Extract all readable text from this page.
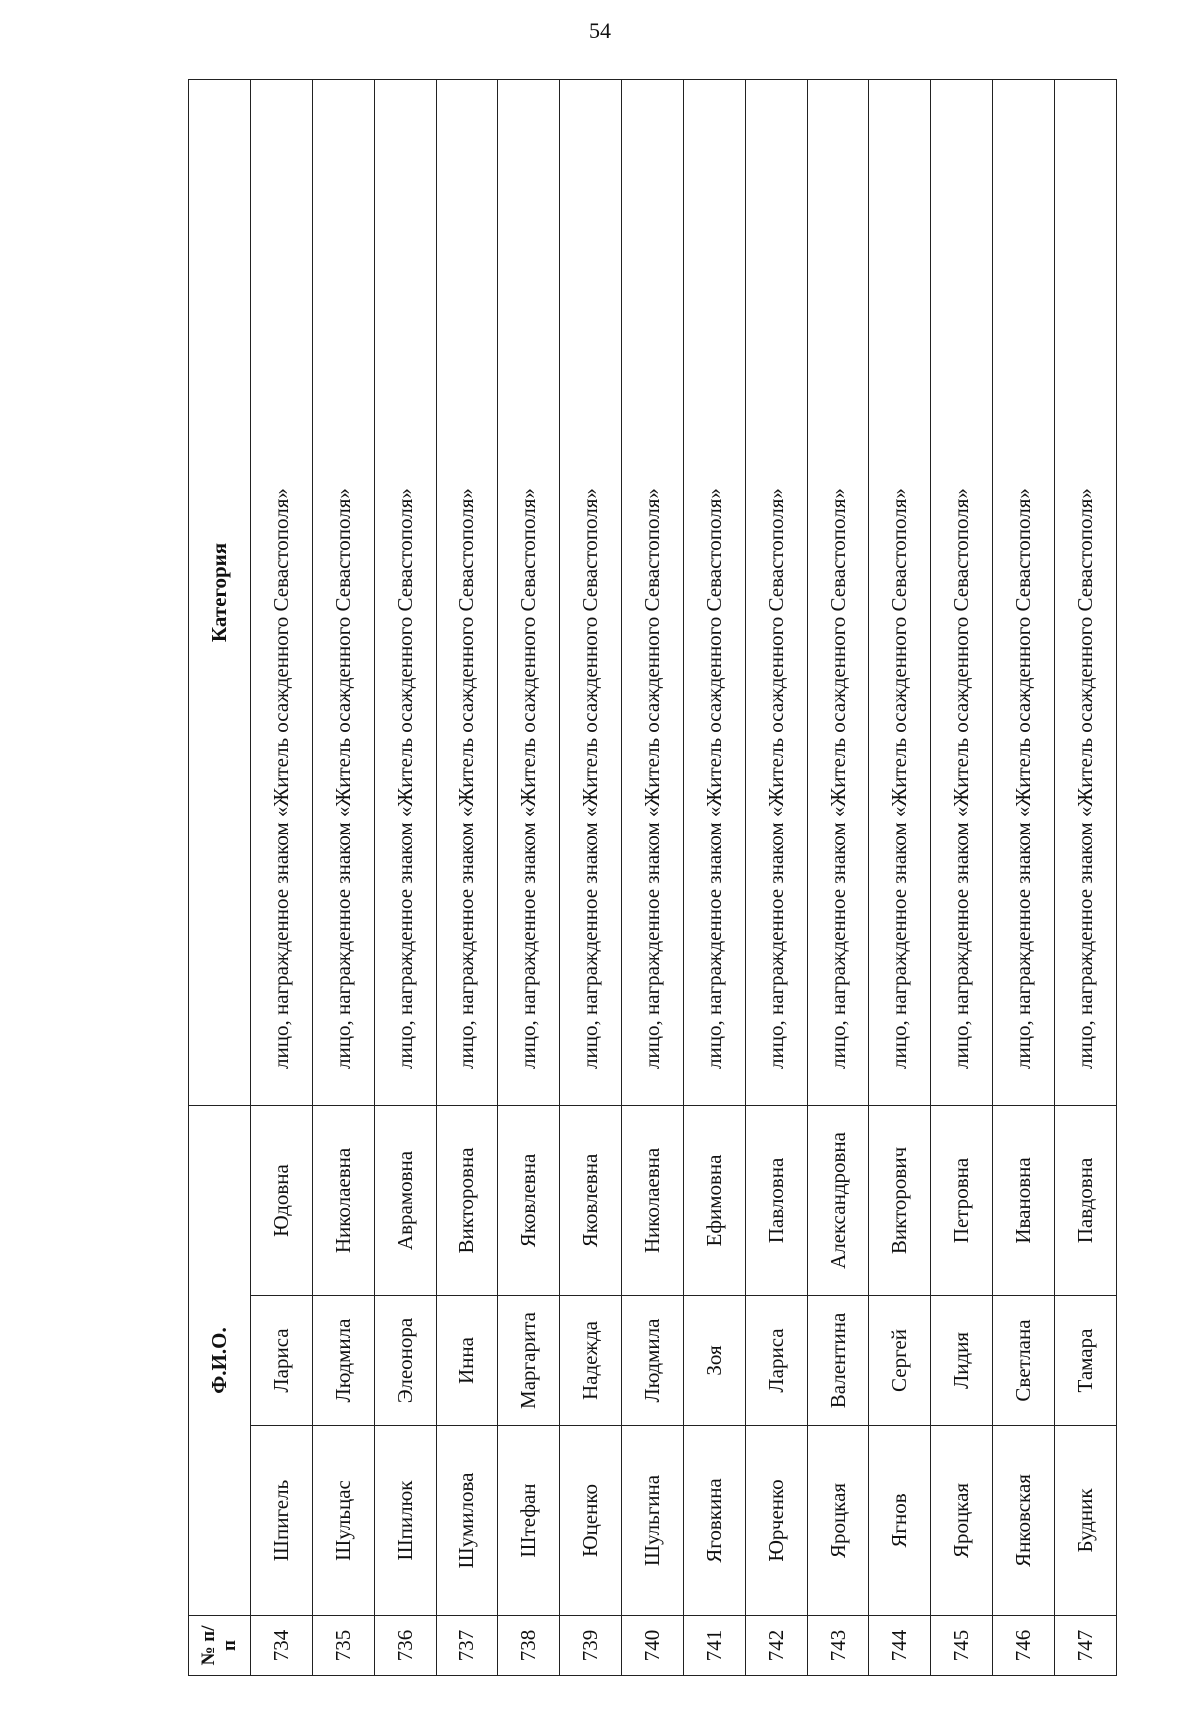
54
№ п/п	Ф.И.О.			Категория
734	Шпигель	Лариса	Юдовна	лицо, награжденное знаком «Житель осажденного Севастополя»
735	Шульцас	Людмила	Николаевна	лицо, награжденное знаком «Житель осажденного Севастополя»
736	Шпилюк	Элеонора	Аврамовна	лицо, награжденное знаком «Житель осажденного Севастополя»
737	Шумилова	Инна	Викторовна	лицо, награжденное знаком «Житель осажденного Севастополя»
738	Штефан	Маргарита	Яковлевна	лицо, награжденное знаком «Житель осажденного Севастополя»
739	Юценко	Надежда	Яковлевна	лицо, награжденное знаком «Житель осажденного Севастополя»
740	Шульгина	Людмила	Николаевна	лицо, награжденное знаком «Житель осажденного Севастополя»
741	Яговкина	Зоя	Ефимовна	лицо, награжденное знаком «Житель осажденного Севастополя»
742	Юрченко	Лариса	Павловна	лицо, награжденное знаком «Житель осажденного Севастополя»
743	Яроцкая	Валентина	Александровна	лицо, награжденное знаком «Житель осажденного Севастополя»
744	Ягнов	Сергей	Викторович	лицо, награжденное знаком «Житель осажденного Севастополя»
745	Яроцкая	Лидия	Петровна	лицо, награжденное знаком «Житель осажденного Севастополя»
746	Янковская	Светлана	Ивановна	лицо, награжденное знаком «Житель осажденного Севастополя»
747	Будник	Тамара	Павдовна	лицо, награжденное знаком «Житель осажденного Севастополя»
